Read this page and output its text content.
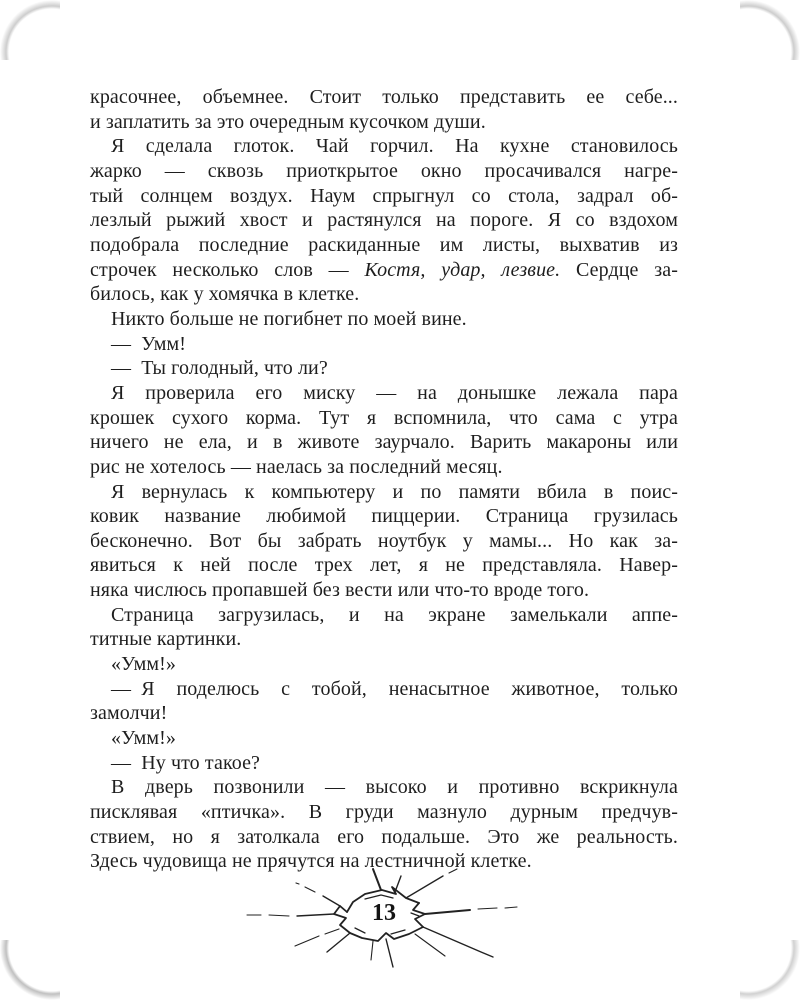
красочнее, объемнее. Стоит только представить ее себе...
и заплатить за это очередным кусочком души.
Я сделала глоток. Чай горчил. На кухне становилось
жарко — сквозь приоткрытое окно просачивался нагре-
тый солнцем воздух. Наум спрыгнул со стола, задрал об-
лезлый рыжий хвост и растянулся на пороге. Я со вздохом
подобрала последние раскиданные им листы, выхватив из
строчек несколько слов — Костя, удар, лезвие. Сердце за-
билось, как у хомячка в клетке.
Никто больше не погибнет по моей вине.
— Умм!
— Ты голодный, что ли?
Я проверила его миску — на донышке лежала пара
крошек сухого корма. Тут я вспомнила, что сама с утра
ничего не ела, и в животе заурчало. Варить макароны или
рис не хотелось — наелась за последний месяц.
Я вернулась к компьютеру и по памяти вбила в поис-
ковик название любимой пиццерии. Страница грузилась
бесконечно. Вот бы забрать ноутбук у мамы... Но как за-
явиться к ней после трех лет, я не представляла. Навер-
няка числюсь пропавшей без вести или что-то вроде того.
Страница загрузилась, и на экране замелькали аппе-
титные картинки.
«Умм!»
— Я поделюсь с тобой, ненасытное животное, только
замолчи!
«Умм!»
— Ну что такое?
В дверь позвонили — высоко и противно вскрикнула
писклявая «птичка». В груди мазнуло дурным предчув-
ствием, но я затолкала его подальше. Это же реальность.
Здесь чудовища не прячутся на лестничной клетке.
13
